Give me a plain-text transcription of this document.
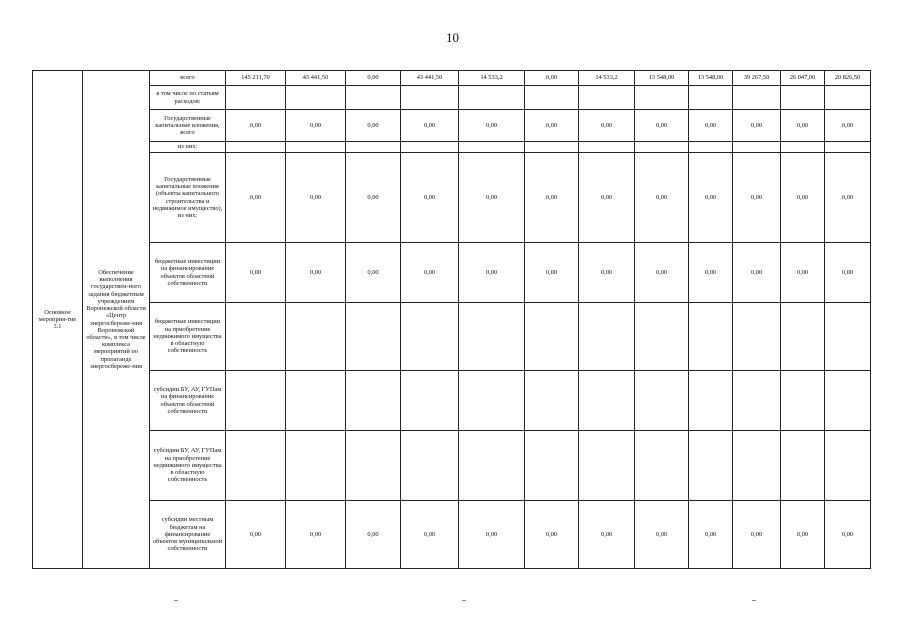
10
Основное мероприя-тие 3.1	Обеспечение выполнения государствен-ного задания бюджетным учреждением Воронежской области «Центр энергосбереже-ния Воронежской области», в том числе комплекса мероприятий по пропаганде энергосбереже-ния	всего	145 211,70	43 441,50	0,00	43 441,50	14 533,2	0,00	14 533,2	13 548,00	13 548,00	39 267,50	26 047,00	20 826,50
		в том числе по статьям расходов:												
		Государственные капитальные вложения, всего	0,00	0,00	0,00	0,00	0,00	0,00	0,00	0,00	0,00	0,00	0,00	0,00
		из них:												
		Государственные капитальные вложения (объекты капитального строительства и недвижимое имущество), из них:	0,00	0,00	0,00	0,00	0,00	0,00	0,00	0,00	0,00	0,00	0,00	0,00
		бюджетные инвестиции на финансирование объектов областной собственности	0,00	0,00	0,00	0,00	0,00	0,00	0,00	0,00	0,00	0,00	0,00	0,00
		бюджетные инвестиции на приобретение недвижимого имущества в областную собственность												
		субсидии БУ, АУ, ГУПам на финансирование объектов областной собственности												
		субсидии БУ, АУ, ГУПам на приобретение недвижимого имущества в областную собственность												
		субсидии местным бюджетам на финансирование объектов муниципальной собственности	0,00	0,00	0,00	0,00	0,00	0,00	0,00	0,00	0,00	0,00	0,00	0,00
